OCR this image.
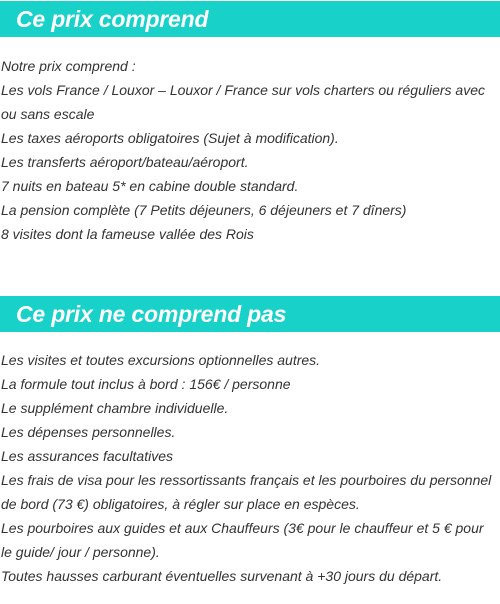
Ce prix comprend
Notre prix comprend :
Les vols France / Louxor – Louxor / France sur vols charters ou réguliers avec ou sans escale
Les taxes aéroports obligatoires (Sujet à modification).
Les transferts aéroport/bateau/aéroport.
7 nuits en bateau 5* en cabine double standard.
La pension complète (7 Petits déjeuners, 6 déjeuners et 7 dîners)
8 visites dont la fameuse vallée des Rois
Ce prix ne comprend pas
Les visites et toutes excursions optionnelles autres.
La formule tout inclus à bord : 156€ / personne
Le supplément chambre individuelle.
Les dépenses personnelles.
Les assurances facultatives
Les frais de visa pour les ressortissants français et les pourboires du personnel de bord (73 €) obligatoires, à régler sur place en espèces.
Les pourboires aux guides et aux Chauffeurs (3€ pour le chauffeur et 5 € pour le guide/ jour / personne).
Toutes hausses carburant éventuelles survenant à +30 jours du départ.
